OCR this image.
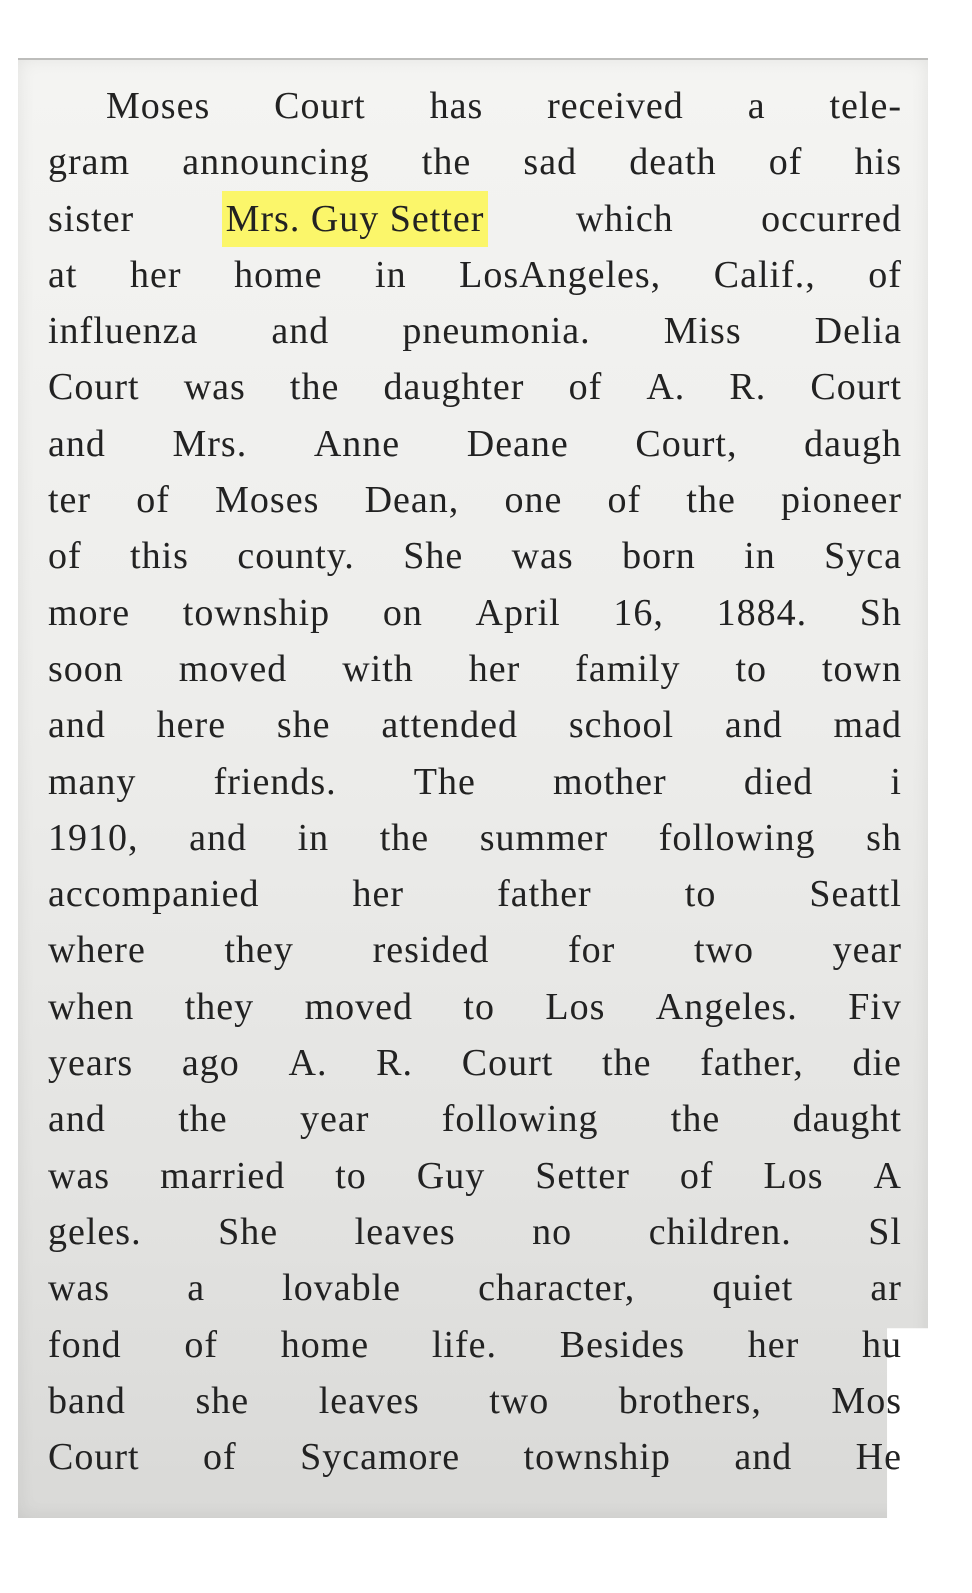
Moses Court has received a tele-
gram announcing the sad death of his
sister Mrs. Guy Setter which occurred
at her home in LosAngeles, Calif., of
influenza and pneumonia. Miss Delia
Court was the daughter of A. R. Court
and Mrs. Anne Deane Court, daugh
ter of Moses Dean, one of the pioneer
of this county. She was born in Syca
more township on April 16, 1884. Sh
soon moved with her family to town
and here she attended school and mad
many friends. The mother died i
1910, and in the summer following sh
accompanied her father to Seattl
where they resided for two year
when they moved to Los Angeles. Fiv
years ago A. R. Court the father, die
and the year following the daught
was married to Guy Setter of Los A
geles. She leaves no children. Sl
was a lovable character, quiet ar
fond of home life. Besides her hu
band she leaves two brothers, Mos
Court of Sycamore township and He
